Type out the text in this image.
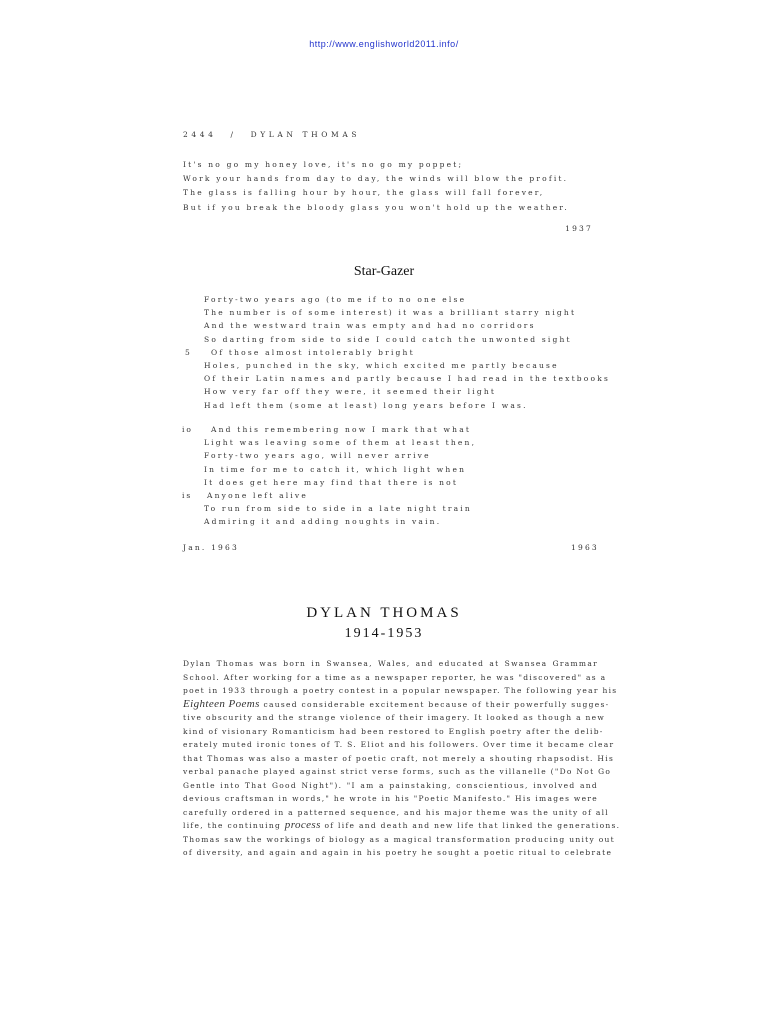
http://www.englishworld2011.info/
2444 / DYLAN THOMAS
It's no go my honey love, it's no go my poppet;
Work your hands from day to day, the winds will blow the profit.
The glass is falling hour by hour, the glass will fall forever,
But if you break the bloody glass you won't hold up the weather.
1937
Star-Gazer
Forty-two years ago (to me if to no one else
The number is of some interest) it was a brilliant starry night
And the westward train was empty and had no corridors
So darting from side to side I could catch the unwonted sight
5	Of those almost intolerably bright
Holes, punched in the sky, which excited me partly because
Of their Latin names and partly because I had read in the textbooks
How very far off they were, it seemed their light
Had left them (some at least) long years before I was.
io And this remembering now I mark that what
Light was leaving some of them at least then,
Forty-two years ago, will never arrive
In time for me to catch it, which light when
It does get here may find that there is not
is Anyone left alive
To run from side to side in a late night train
Admiring it and adding noughts in vain.
Jan. 1963	1963
DYLAN THOMAS
1914-1953
Dylan Thomas was born in Swansea, Wales, and educated at Swansea Grammar
School. After working for a time as a newspaper reporter, he was "discovered" as a
poet in 1933 through a poetry contest in a popular newspaper. The following year his
Eighteen Poems caused considerable excitement because of their powerfully sugges-
tive obscurity and the strange violence of their imagery. It looked as though a new
kind of visionary Romanticism had been restored to English poetry after the delib-
erately muted ironic tones of T. S. Eliot and his followers. Over time it became clear
that Thomas was also a master of poetic craft, not merely a shouting rhapsodist. His
verbal panache played against strict verse forms, such as the villanelle ("Do Not Go
Gentle into That Good Night"). "I am a painstaking, conscientious, involved and
devious craftsman in words," he wrote in his "Poetic Manifesto." His images were
carefully ordered in a patterned sequence, and his major theme was the unity of all
life, the continuing process of life and death and new life that linked the generations.
Thomas saw the workings of biology as a magical transformation producing unity out
of diversity, and again and again in his poetry he sought a poetic ritual to celebrate
